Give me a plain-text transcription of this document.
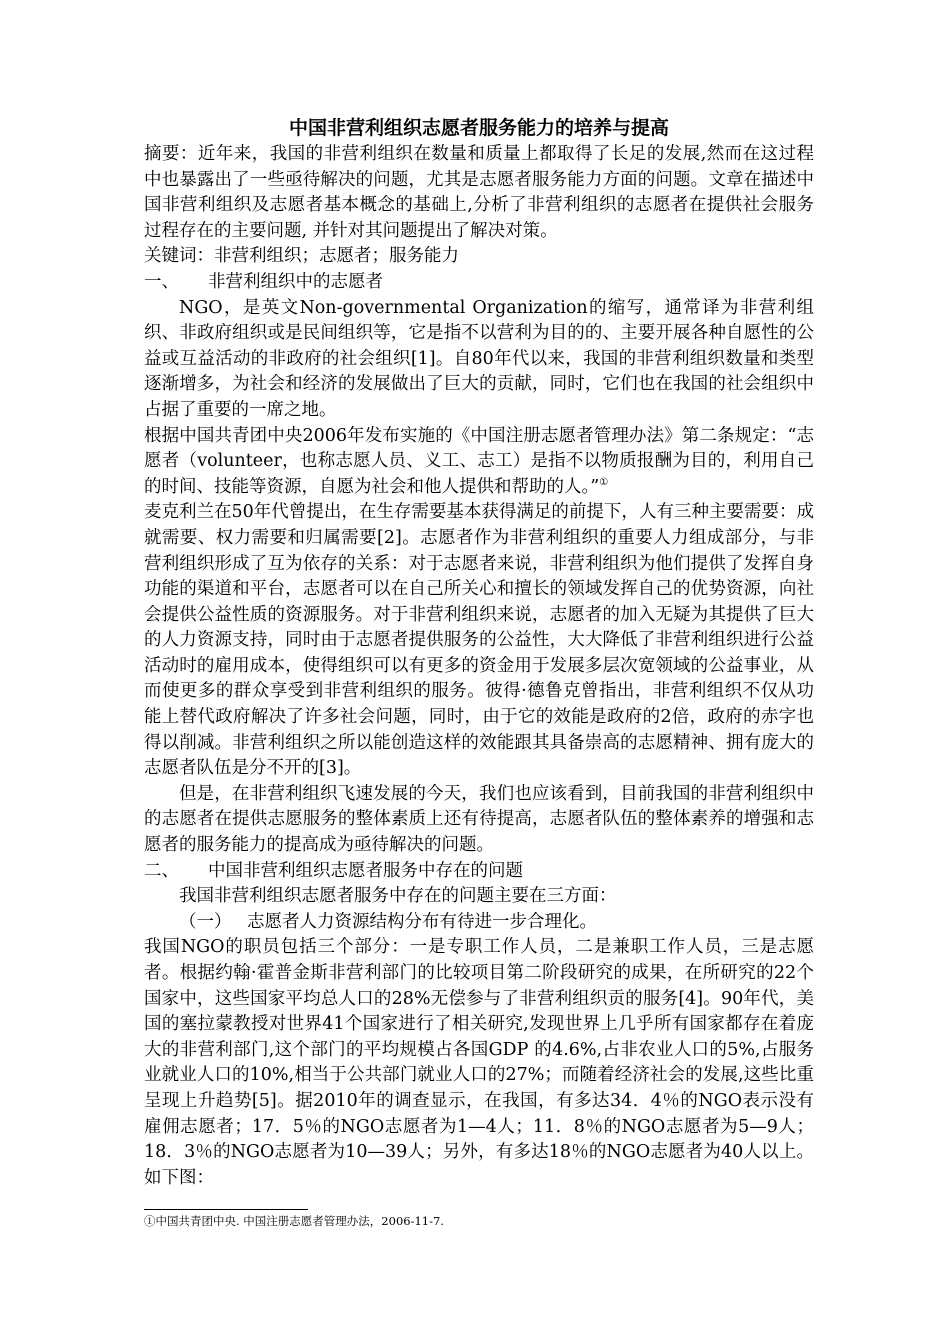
中国非营利组织志愿者服务能力的培养与提高

摘要：近年来，我国的非营利组织在数量和质量上都取得了长足的发展,然而在这过程中也暴露出了一些亟待解决的问题，尤其是志愿者服务能力方面的问题。文章在描述中国非营利组织及志愿者基本概念的基础上,分析了非营利组织的志愿者在提供社会服务过程存在的主要问题, 并针对其问题提出了解决对策。

关键词：非营利组织；志愿者；服务能力

一、	非营利组织中的志愿者

NGO，是英文Non-governmental Organization的缩写，通常译为非营利组织、非政府组织或是民间组织等，它是指不以营利为目的的、主要开展各种自愿性的公益或互益活动的非政府的社会组织[1]。自80年代以来，我国的非营利组织数量和类型逐渐增多，为社会和经济的发展做出了巨大的贡献，同时，它们也在我国的社会组织中占据了重要的一席之地。

根据中国共青团中央2006年发布实施的《中国注册志愿者管理办法》第二条规定：“志愿者（volunteer，也称志愿人员、义工、志工）是指不以物质报酬为目的，利用自己的时间、技能等资源，自愿为社会和他人提供和帮助的人。”①

麦克利兰在50年代曾提出，在生存需要基本获得满足的前提下，人有三种主要需要：成就需要、权力需要和归属需要[2]。志愿者作为非营利组织的重要人力组成部分，与非营利组织形成了互为依存的关系：对于志愿者来说，非营利组织为他们提供了发挥自身功能的渠道和平台，志愿者可以在自己所关心和擅长的领域发挥自己的优势资源，向社会提供公益性质的资源服务。对于非营利组织来说，志愿者的加入无疑为其提供了巨大的人力资源支持，同时由于志愿者提供服务的公益性，大大降低了非营利组织进行公益活动时的雇用成本，使得组织可以有更多的资金用于发展多层次宽领域的公益事业，从而使更多的群众享受到非营利组织的服务。彼得·德鲁克曾指出，非营利组织不仅从功能上替代政府解决了许多社会问题，同时，由于它的效能是政府的2倍，政府的赤字也得以削减。非营利组织之所以能创造这样的效能跟其具备崇高的志愿精神、拥有庞大的志愿者队伍是分不开的[3]。

但是，在非营利组织飞速发展的今天，我们也应该看到，目前我国的非营利组织中的志愿者在提供志愿服务的整体素质上还有待提高，志愿者队伍的整体素养的增强和志愿者的服务能力的提高成为亟待解决的问题。

二、	中国非营利组织志愿者服务中存在的问题

我国非营利组织志愿者服务中存在的问题主要在三方面：

（一） 志愿者人力资源结构分布有待进一步合理化。

我国NGO的职员包括三个部分：一是专职工作人员，二是兼职工作人员，三是志愿者。根据约翰·霍普金斯非营利部门的比较项目第二阶段研究的成果，在所研究的22个国家中，这些国家平均总人口的28%无偿参与了非营利组织贡的服务[4]。90年代，美国的塞拉蒙教授对世界41个国家进行了相关研究,发现世界上几乎所有国家都存在着庞大的非营利部门,这个部门的平均规模占各国GDP 的4.6%,占非农业人口的5%,占服务业就业人口的10%,相当于公共部门就业人口的27%；而随着经济社会的发展,这些比重呈现上升趋势[5]。据2010年的调查显示，在我国，有多达34．4％的NGO表示没有雇佣志愿者；17．5％的NGO志愿者为1—4人；11．8％的NGO志愿者为5—9人；18．3％的NGO志愿者为10—39人；另外，有多达18％的NGO志愿者为40人以上。如下图：

①中国共青团中央. 中国注册志愿者管理办法，2006-11-7.
